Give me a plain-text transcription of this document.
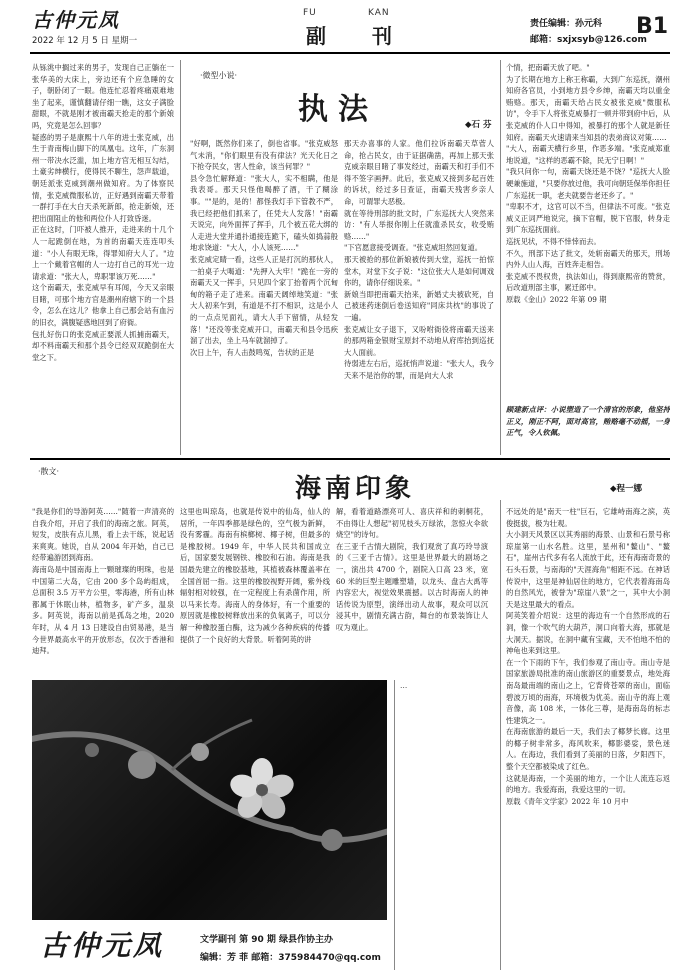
古仲元凤
2022 年 12 月 5 日 星期一
FU	KAN
副 刊	责任编辑：孙元科
邮箱：sxjxsyb@126.com
B1
从铄洮中搁过来的男子，发现自己正躺在一张华美的大床上，旁边还有个应急睡的女子，朝卧闭了一眼。他连忙忍着疼痛艰难地坐了起来，谨慎翻请仔细一瞧，这女子满脸甜眼，不就是刚才被南霸天抢走的那个新娘吗，究竟是怎么回事？
疑惑的男子是康熙十八年的进士张克威，出生于青南梅山脚下的凤凰屯。这年，广东洞州一带决水泛滥，加上地方官无相互勾结，土豪劣绅横行，使得民不聊生，怨声载道，朝廷派张克威到潮州做知府。为了体察民情，张克威微服私访，正好遇到南霸天带着一群打手在大白天杀死新郎，抢走新娘，还把出面阻止的他和两位仆人打致昏迷。
正在这时，门吓被人推开，走进来的十几个人一起跪倒在地，为首的南霸天连连叩头道："小人有眼无珠，得罪知府大人了。"边上一个戴着官帽的人一边打自己的耳光一边请求道："张大人，卑职罪该万死……"
这个南霸天，张克威早有耳闻，今天又亲眼目睹，可那个地方官是潮州府辖下的一个县令，怎么在这儿？他拿上自己那会站有血污的旧衣，满腹疑惑地回到了府衙。
包扎好伤口的张克威正要派人抓捕南霸天，却不料南霸天和那个县令已经双双跪倒在大堂之下。
·微型小说·
执法	◆石 芬
"好啊，既然你们来了，倒也省事。"张克威怒气未消，"你们眼里有没有律法？光天化日之下抢夺民女，害人性命，该当何罪？"
县令急忙解释道："张大人，实不相瞒，他是我表哥。那天只怪他喝醉了酒，干了糊涂事。""是的，是的！都怪我灯手下管教不严，我已经把他们抓来了，任凭大人发落！"南霸天说完，向外面挥了挥手，几个被五花大绑的人走进大堂并通扑通接连跪下，磕头如捣蒜般地求饶道："大人，小人该死……"
张克威定睛一看，这些人正是打沉的那伙人，一拍桌子大喝道："先押入大牢！"跪在一旁的南霸天又一挥手，只见四个家丁抬着两个沉甸甸的箱子走了进来。南霸天阔绰地笑道："张大人初来乍到，有道是不打不相识，这是小人的一点点见面礼，请大人手下留情，从轻发落！"还没等张克威开口，南霸天和县令迅疾溜了出去，坐上马车就溜掉了。
次日上午，有人击鼓鸣冤，告状的正是
那天办喜事的人家。他们拉诉南霸天草菅人命，抢占民女，由于证据确凿，再加上那天张克威亲眼目睹了事发经过，南霸天和打手们不得不签字画押。此后，张克威又接到多起百姓的诉状，经过多日查证，南霸天残害乡亲人命，可谓罪大恶极。
就在等待刑部的批文时，广东巡抚大人突然来访："有人举报你刚上任就滥杀民女，收受贿赂……"
"下官愿意接受调查。"张克威坦然回复道。
那天被抢的那位新娘被传到大堂，巡抚一拍惊堂木，对堂下女子说："这位张大人是如何调戏你的，请你仔细说来。"
新娘当即把南霸天抬来，新婚丈夫被砍死，自己被迷药迷倒后卷送知府"同床共枕"的事说了一遍。
张克威让女子退下，又吩咐衙役将南霸天送来的那两箱金银财宝原封不动地从府库抬到巡抚大人面前。
待弱进左右后，巡抚悄声说道："张大人，我今天来不是治你的罪，而是向大人求
个情，把南霸天放了吧。"
为了长期在地方上称王称霸，大到广东巡抚，潮州知府各官员，小到地方县令乡绅，南霸天均以重金贿赂。那天，南霸天给占民女被张克威"微服私访"，令手下人将张克威暴打一顿并带到府中后，从张克威的仆人口中得知，被暴打的那个人就是新任知府。南霸天火速请来当知县的表弟商议对策……
"大人，南霸天横行乡里，作恶多端。"张克威郑重地说道，"这样的恶霸不除，民无宁日啊！"
"我只问你一句，南霸天饶还是不饶？"巡抚大人脸硬兼施道，"只要你放过他，我可向朝廷保举你担任广东巡抚一职，老夫就要告老还乡了。"
"卑职不才，这官可以不当，但律法不可废。"张克威义正词严地说完，摘下官帽，脱下官服，转身走到广东巡抚面前。
巡抚见状，不得不悻悻而去。
不久，刑部下达了批文，处斩南霸天的那天，刑场内外人山人海，百姓奔走相告。
张克威不畏权贵，执法如山，得到康熙帝的赞赏，后改道刑部主事，累迁郎中。
原载《金山》2022 年第 09 期
顾建新点评：小说塑造了一个清官的形象，他坚持正义，刚正不阿，面对高官，贿赂毫不动摇，一身正气，令人钦佩。
·散文·
海南印象	◆程一娜
"我是你们的导游阿英……"随着一声清亮的自我介绍，开启了我们的海南之旅。阿英，短发，皮肤有点儿黑，看上去干练，说起话来爽爽。她说，自从 2004 年开始，自己已经带遍游团到海南。
海南岛是中国南海上一颗璀璨的明珠，也是中国第二大岛，它由 200 多个岛屿组成，总面积 3.5 万平方公里，零海港，所有山林都属于休眠山林，植物多，矿产多，温泉多。阿英说，海南以前是孤岛之地，2020 年时，从 4 月 13 日建设自由贸易港，是当今世界最高水平的开放形态，仅次于香港和迪拜。
这里也叫琼岛，也就是传说中的仙岛，仙人的居所，一年四季都是绿色的，空气极为新鲜，没有雾霾。海南有槟榔树、椰子树，但最多的是橡胶树。1949 年，中华人民共和国成立后，国家要发展钢铁、橡胶和石油。海南是我国最先建立的橡胶基地，其植被森林覆盖率在全国首屈一指。这里的橡胶视野开阔，紫外线辐射相对较强，在一定程度上有杀菌作用，所以马来长寿。海南人的身体好，有一个重要的原因就是橡胶树释放出来的负氧离子，可以分解一种橡胶蛋白酶，这为减少各种疾病的传播提供了一个良好的大背景。听着阿英的讲
解，看着道路漂亮可人、喜庆祥和的刺桐花，不由得让人想起"初见枝头万绿浓，忽惊火伞欲烧空"的诗句。
在三亚千古情大剧院，我们观赏了真巧玲导演的《三亚千古情》。这里是世界最大的剧场之一，演出共 4700 个，剧院入口高 23 米，宽 60 米的巨型主题雕塑墙，以龙头、盘古大禹等内容宏大，视觉效果震撼。以古时海南人的神话传说为原型，演绎出动人故事，观众可以沉浸其中，剧情充满古韵，舞台的布景装饰让人叹为观止。
不远处的是"南天一柱"巨石，它雄峙南海之滨，英俊挺拔，极为壮观。
大小洞天风景区以其秀丽的海景、山景和石景号称琼崖第一山水名胜。这里，星州和"鳌山"、"鳌石"，崖州古代多有名人流放于此，还有海南奇景的石头石景，与南海的"天涯海角"相距不远。在神话传说中，这里是神仙居住的地方，它代表着海南岛的自然风光，被誉为"琼崖八景"之一，其中大小洞天是这里最大的看点。
阿英笑着介绍说：这里的海边有一个自然形成的石洞，像一个吹气的大葫芦，洞口向着大海，那就是大洞天。据说，在洞中藏有宝藏，天不怕地不怕的神龟也来到这里。
在一个下雨的下午，我们参观了南山寺。南山寺是国家旅游局批准的南山旅游区的重要景点，地处海南岛最南端的南山之上，它背倚苍翠的南山，面临碧波万顷的南海，环境极为优美。南山寺的海上观音像，高 108 米，一体化三尊，是海南岛的标志性建筑之一。
在海南旅游的最后一天，我们去了椰梦长廊。这里的椰子树非常多，海风吹来，椰影婆娑，景色迷人。在海边，我们看到了美丽的日落，夕阳西下，整个天空都被染成了红色。
这就是海南，一个美丽的地方，一个让人流连忘返的地方。我爱海南，我爱这里的一切。
原载《青年文学家》2022 年 10 月中
…
古仲元凤	文学副刊 第 90 期 绿县作协主办
编辑：芳 菲 邮箱：375984470@qq.com
